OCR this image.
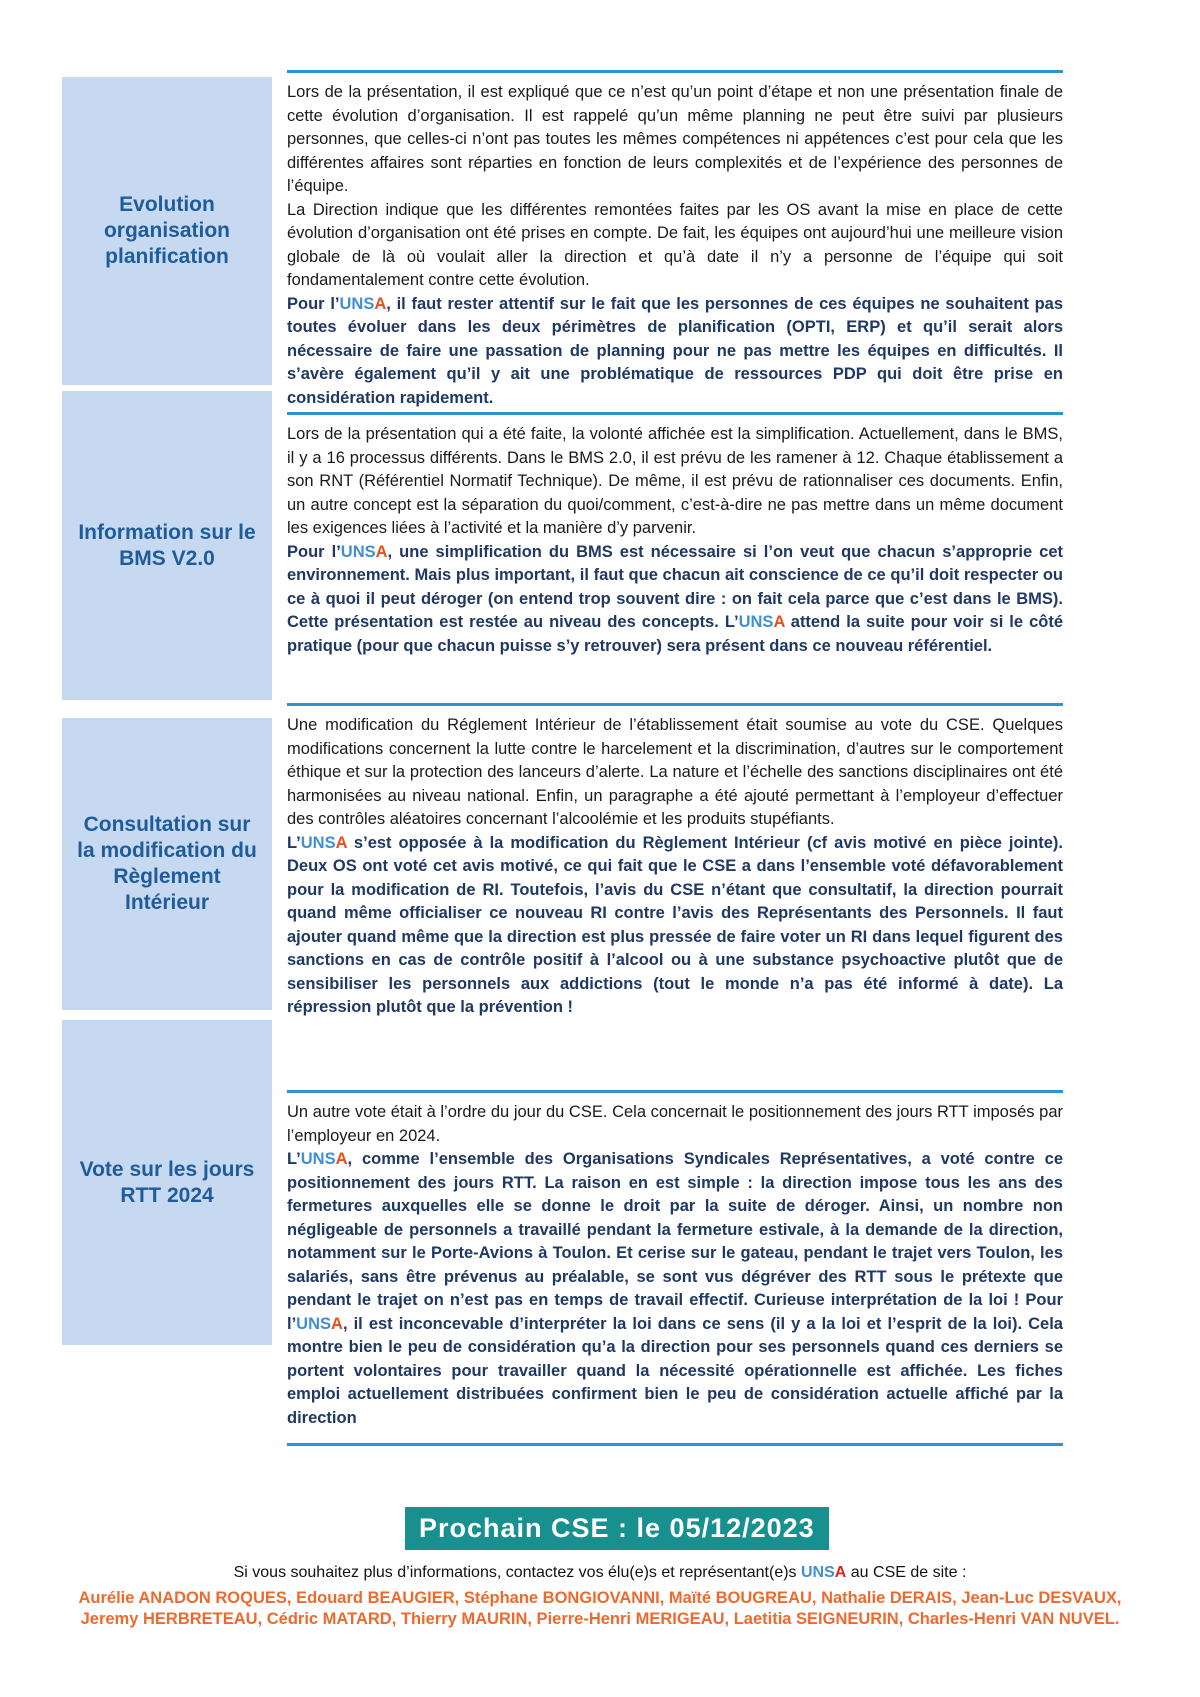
Evolution organisation planification
Information sur le BMS V2.0
Consultation sur la modification du Règlement Intérieur
Vote sur les jours RTT 2024

Lors de la présentation, il est expliqué que ce n’est qu’un point d’étape et non une présentation finale de cette évolution d’organisation. Il est rappelé qu’un même planning ne peut être suivi par plusieurs personnes, que celles-ci n’ont pas toutes les mêmes compétences ni appétences c’est pour cela que les différentes affaires sont réparties en fonction de leurs complexités et de l’expérience des personnes de l’équipe.

La Direction indique que les différentes remontées faites par les OS avant la mise en place de cette évolution d’organisation ont été prises en compte. De fait, les équipes ont aujourd’hui une meilleure vision globale de là où voulait aller la direction et qu’à date il n’y a personne de l’équipe qui soit fondamentalement contre cette évolution.

Pour l’UNSA, il faut rester attentif sur le fait que les personnes de ces équipes ne souhaitent pas toutes évoluer dans les deux périmètres de planification (OPTI, ERP) et qu’il serait alors nécessaire de faire une passation de planning pour ne pas mettre les équipes en difficultés. Il s’avère également qu’il y ait une problématique de ressources PDP qui doit être prise en considération rapidement.

Lors de la présentation qui a été faite, la volonté affichée est la simplification. Actuellement, dans le BMS, il y a 16 processus différents. Dans le BMS 2.0, il est prévu de les ramener à 12. Chaque établissement a son RNT (Référentiel Normatif Technique). De même, il est prévu de rationnaliser ces documents. Enfin, un autre concept est la séparation du quoi/comment, c’est-à-dire ne pas mettre dans un même document les exigences liées à l’activité et la manière d’y parvenir.

Pour l’UNSA, une simplification du BMS est nécessaire si l’on veut que chacun s’approprie cet environnement. Mais plus important, il faut que chacun ait conscience de ce qu’il doit respecter ou ce à quoi il peut déroger (on entend trop souvent dire : on fait cela parce que c’est dans le BMS). Cette présentation est restée au niveau des concepts. L’UNSA attend la suite pour voir si le côté pratique (pour que chacun puisse s’y retrouver) sera présent dans ce nouveau référentiel.

Une modification du Réglement Intérieur de l’établissement était soumise au vote du CSE. Quelques modifications concernent la lutte contre le harcelement et la discrimination, d’autres sur le comportement éthique et sur la protection des lanceurs d’alerte. La nature et l’échelle des sanctions disciplinaires ont été harmonisées au niveau national. Enfin, un paragraphe a été ajouté permettant à l’employeur d’effectuer des contrôles aléatoires concernant l’alcoolémie et les produits stupéfiants.

L’UNSA s’est opposée à la modification du Règlement Intérieur (cf avis motivé en pièce jointe). Deux OS ont voté cet avis motivé, ce qui fait que le CSE a dans l’ensemble voté défavorablement pour la modification de RI. Toutefois, l’avis du CSE n’étant que consultatif, la direction pourrait quand même officialiser ce nouveau RI contre l’avis des Représentants des Personnels. Il faut ajouter quand même que la direction est plus pressée de faire voter un RI dans lequel figurent des sanctions en cas de contrôle positif à l’alcool ou à une substance psychoactive plutôt que de sensibiliser les personnels aux addictions (tout le monde n’a pas été informé à date). La répression plutôt que la prévention !

Un autre vote était à l’ordre du jour du CSE. Cela concernait le positionnement des jours RTT imposés par l’employeur en 2024.

L’UNSA, comme l’ensemble des Organisations Syndicales Représentatives, a voté contre ce positionnement des jours RTT. La raison en est simple : la direction impose tous les ans des fermetures auxquelles elle se donne le droit par la suite de déroger. Ainsi, un nombre non négligeable de personnels a travaillé pendant la fermeture estivale, à la demande de la direction, notamment sur le Porte-Avions à Toulon. Et cerise sur le gateau, pendant le trajet vers Toulon, les salariés, sans être prévenus au préalable, se sont vus dégréver des RTT sous le prétexte que pendant le trajet on n’est pas en temps de travail effectif. Curieuse interprétation de la loi ! Pour l’UNSA, il est inconcevable d’interpréter la loi dans ce sens (il y a la loi et l’esprit de la loi). Cela montre bien le peu de considération qu’a la direction pour ses personnels quand ces derniers se portent volontaires pour travailler quand la nécessité opérationnelle est affichée. Les fiches emploi actuellement distribuées confirment bien le peu de considération actuelle affiché par la direction

Prochain CSE : le 05/12/2023
Si vous souhaitez plus d’informations, contactez vos élu(e)s et représentant(e)s UNSA au CSE de site :
Aurélie ANADON ROQUES, Edouard BEAUGIER, Stéphane BONGIOVANNI, Maïté BOUGREAU, Nathalie DERAIS, Jean-Luc DESVAUX, Jeremy HERBRETEAU, Cédric MATARD, Thierry MAURIN, Pierre-Henri MERIGEAU, Laetitia SEIGNEURIN, Charles-Henri VAN NUVEL.
